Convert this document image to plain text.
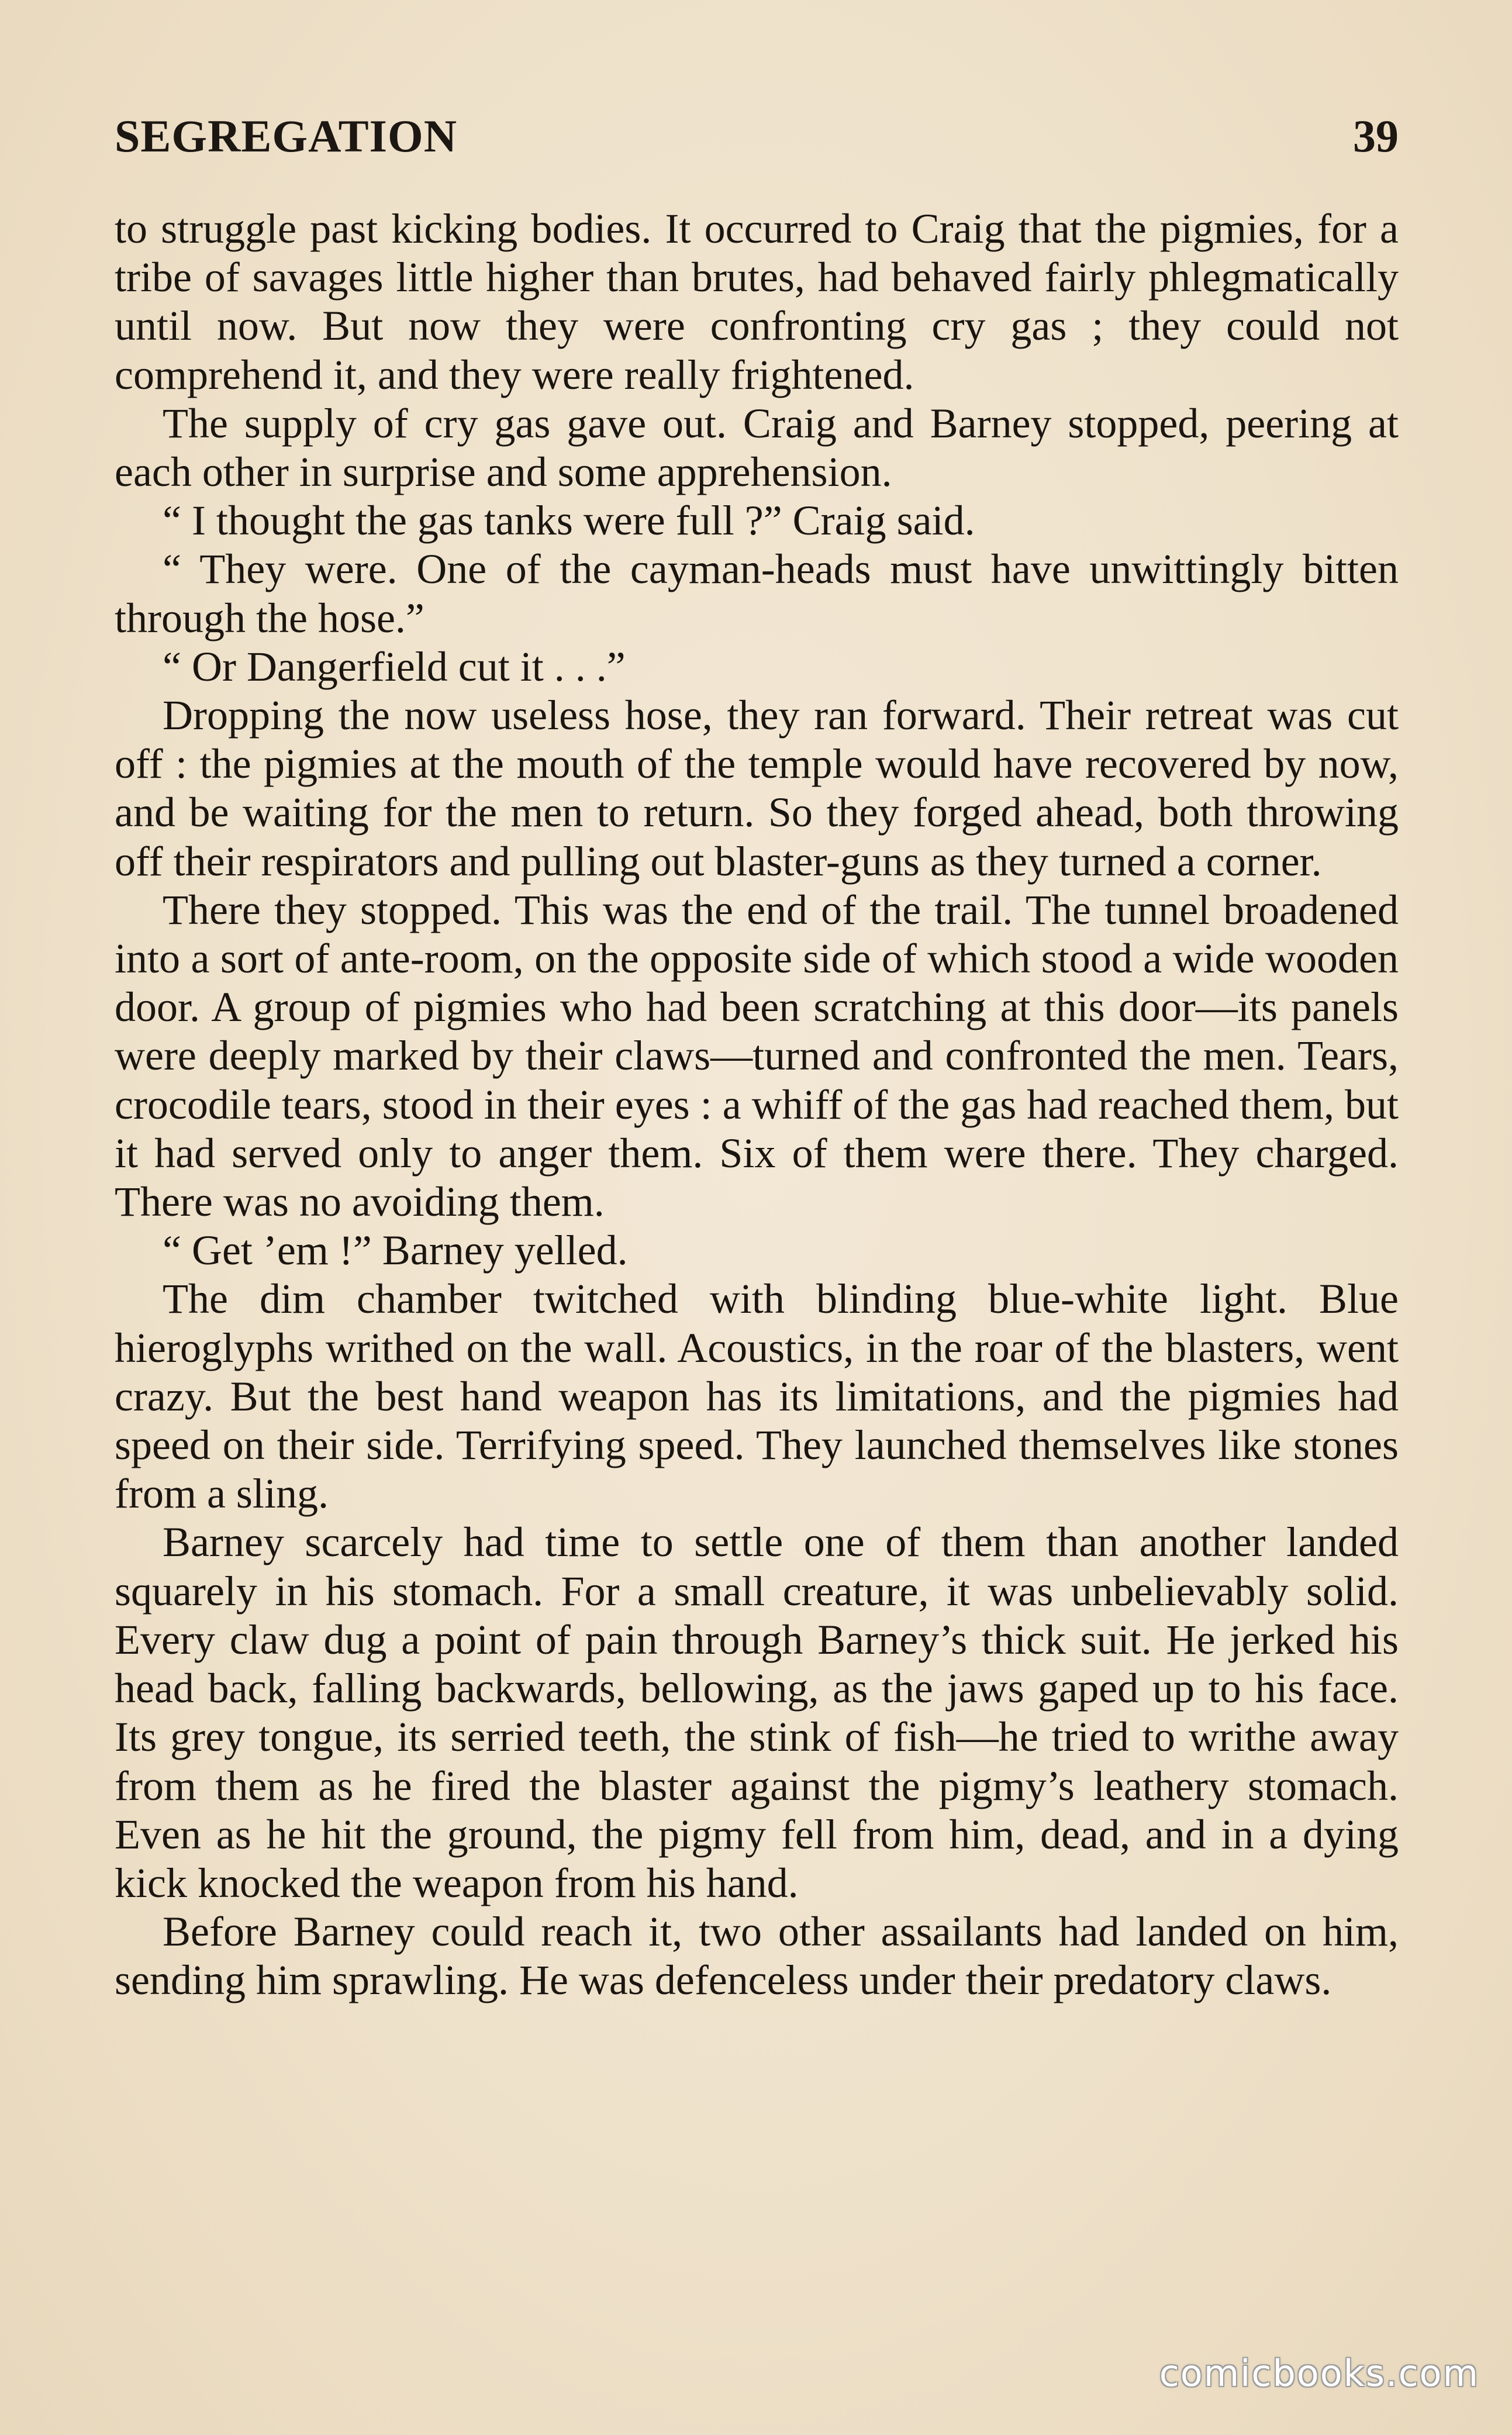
SEGREGATION	39

to struggle past kicking bodies. It occurred to Craig that the pigmies, for a tribe of savages little higher than brutes, had behaved fairly phlegmatically until now. But now they were confronting cry gas ; they could not comprehend it, and they were really frightened.

The supply of cry gas gave out. Craig and Barney stopped, peering at each other in surprise and some apprehension.

“ I thought the gas tanks were full ?” Craig said.

“ They were. One of the cayman-heads must have unwittingly bitten through the hose.”

“ Or Dangerfield cut it . . .”

Dropping the now useless hose, they ran forward. Their retreat was cut off : the pigmies at the mouth of the temple would have recovered by now, and be waiting for the men to return. So they forged ahead, both throwing off their respirators and pulling out blaster-guns as they turned a corner.

There they stopped. This was the end of the trail. The tunnel broadened into a sort of ante-room, on the opposite side of which stood a wide wooden door. A group of pigmies who had been scratching at this door—its panels were deeply marked by their claws—turned and confronted the men. Tears, crocodile tears, stood in their eyes : a whiff of the gas had reached them, but it had served only to anger them. Six of them were there. They charged. There was no avoiding them.

“ Get ’em !” Barney yelled.

The dim chamber twitched with blinding blue-white light. Blue hieroglyphs writhed on the wall. Acoustics, in the roar of the blasters, went crazy. But the best hand weapon has its limitations, and the pigmies had speed on their side. Terrifying speed. They launched themselves like stones from a sling.

Barney scarcely had time to settle one of them than another landed squarely in his stomach. For a small creature, it was unbelievably solid. Every claw dug a point of pain through Barney’s thick suit. He jerked his head back, falling backwards, bellowing, as the jaws gaped up to his face. Its grey tongue, its serried teeth, the stink of fish—he tried to writhe away from them as he fired the blaster against the pigmy’s leathery stomach. Even as he hit the ground, the pigmy fell from him, dead, and in a dying kick knocked the weapon from his hand.

Before Barney could reach it, two other assailants had landed on him, sending him sprawling. He was defenceless under their predatory claws.

comicbooks.com
